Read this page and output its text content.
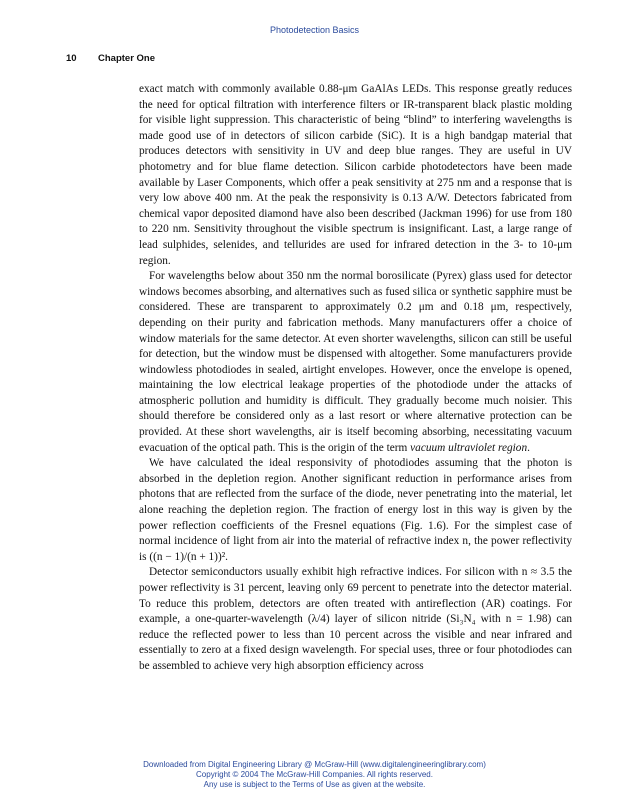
Photodetection Basics
10 Chapter One

exact match with commonly available 0.88-μm GaAlAs LEDs. This response greatly reduces the need for optical filtration with interference filters or IR-transparent black plastic molding for visible light suppression. This characteristic of being “blind” to interfering wavelengths is made good use of in detectors of silicon carbide (SiC). It is a high bandgap material that produces detectors with sensitivity in UV and deep blue ranges. They are useful in UV photometry and for blue flame detection. Silicon carbide photodetectors have been made available by Laser Components, which offer a peak sensitivity at 275 nm and a response that is very low above 400 nm. At the peak the responsivity is 0.13 A/W. Detectors fabricated from chemical vapor deposited diamond have also been described (Jackman 1996) for use from 180 to 220 nm. Sensitivity throughout the visible spectrum is insignificant. Last, a large range of lead sulphides, selenides, and tellurides are used for infrared detection in the 3- to 10-μm region.

For wavelengths below about 350 nm the normal borosilicate (Pyrex) glass used for detector windows becomes absorbing, and alternatives such as fused silica or synthetic sapphire must be considered. These are transparent to approximately 0.2 μm and 0.18 μm, respectively, depending on their purity and fabrication methods. Many manufacturers offer a choice of window materials for the same detector. At even shorter wavelengths, silicon can still be useful for detection, but the window must be dispensed with altogether. Some manufacturers provide windowless photodiodes in sealed, airtight envelopes. However, once the envelope is opened, maintaining the low electrical leakage properties of the photodiode under the attacks of atmospheric pollution and humidity is difficult. They gradually become much noisier. This should therefore be considered only as a last resort or where alternative protection can be provided. At these short wavelengths, air is itself becoming absorbing, necessitating vacuum evacuation of the optical path. This is the origin of the term vacuum ultraviolet region.

We have calculated the ideal responsivity of photodiodes assuming that the photon is absorbed in the depletion region. Another significant reduction in performance arises from photons that are reflected from the surface of the diode, never penetrating into the material, let alone reaching the depletion region. The fraction of energy lost in this way is given by the power reflection coefficients of the Fresnel equations (Fig. 1.6). For the simplest case of normal incidence of light from air into the material of refractive index n, the power reflectivity is ((n − 1)/(n + 1))².

Detector semiconductors usually exhibit high refractive indices. For silicon with n ≈ 3.5 the power reflectivity is 31 percent, leaving only 69 percent to penetrate into the detector material. To reduce this problem, detectors are often treated with antireflection (AR) coatings. For example, a one-quarter-wavelength (λ/4) layer of silicon nitride (Si₃N₄ with n = 1.98) can reduce the reflected power to less than 10 percent across the visible and near infrared and essentially to zero at a fixed design wavelength. For special uses, three or four photodiodes can be assembled to achieve very high absorption efficiency across

Downloaded from Digital Engineering Library @ McGraw-Hill (www.digitalengineeringlibrary.com)
Copyright © 2004 The McGraw-Hill Companies. All rights reserved.
Any use is subject to the Terms of Use as given at the website.
